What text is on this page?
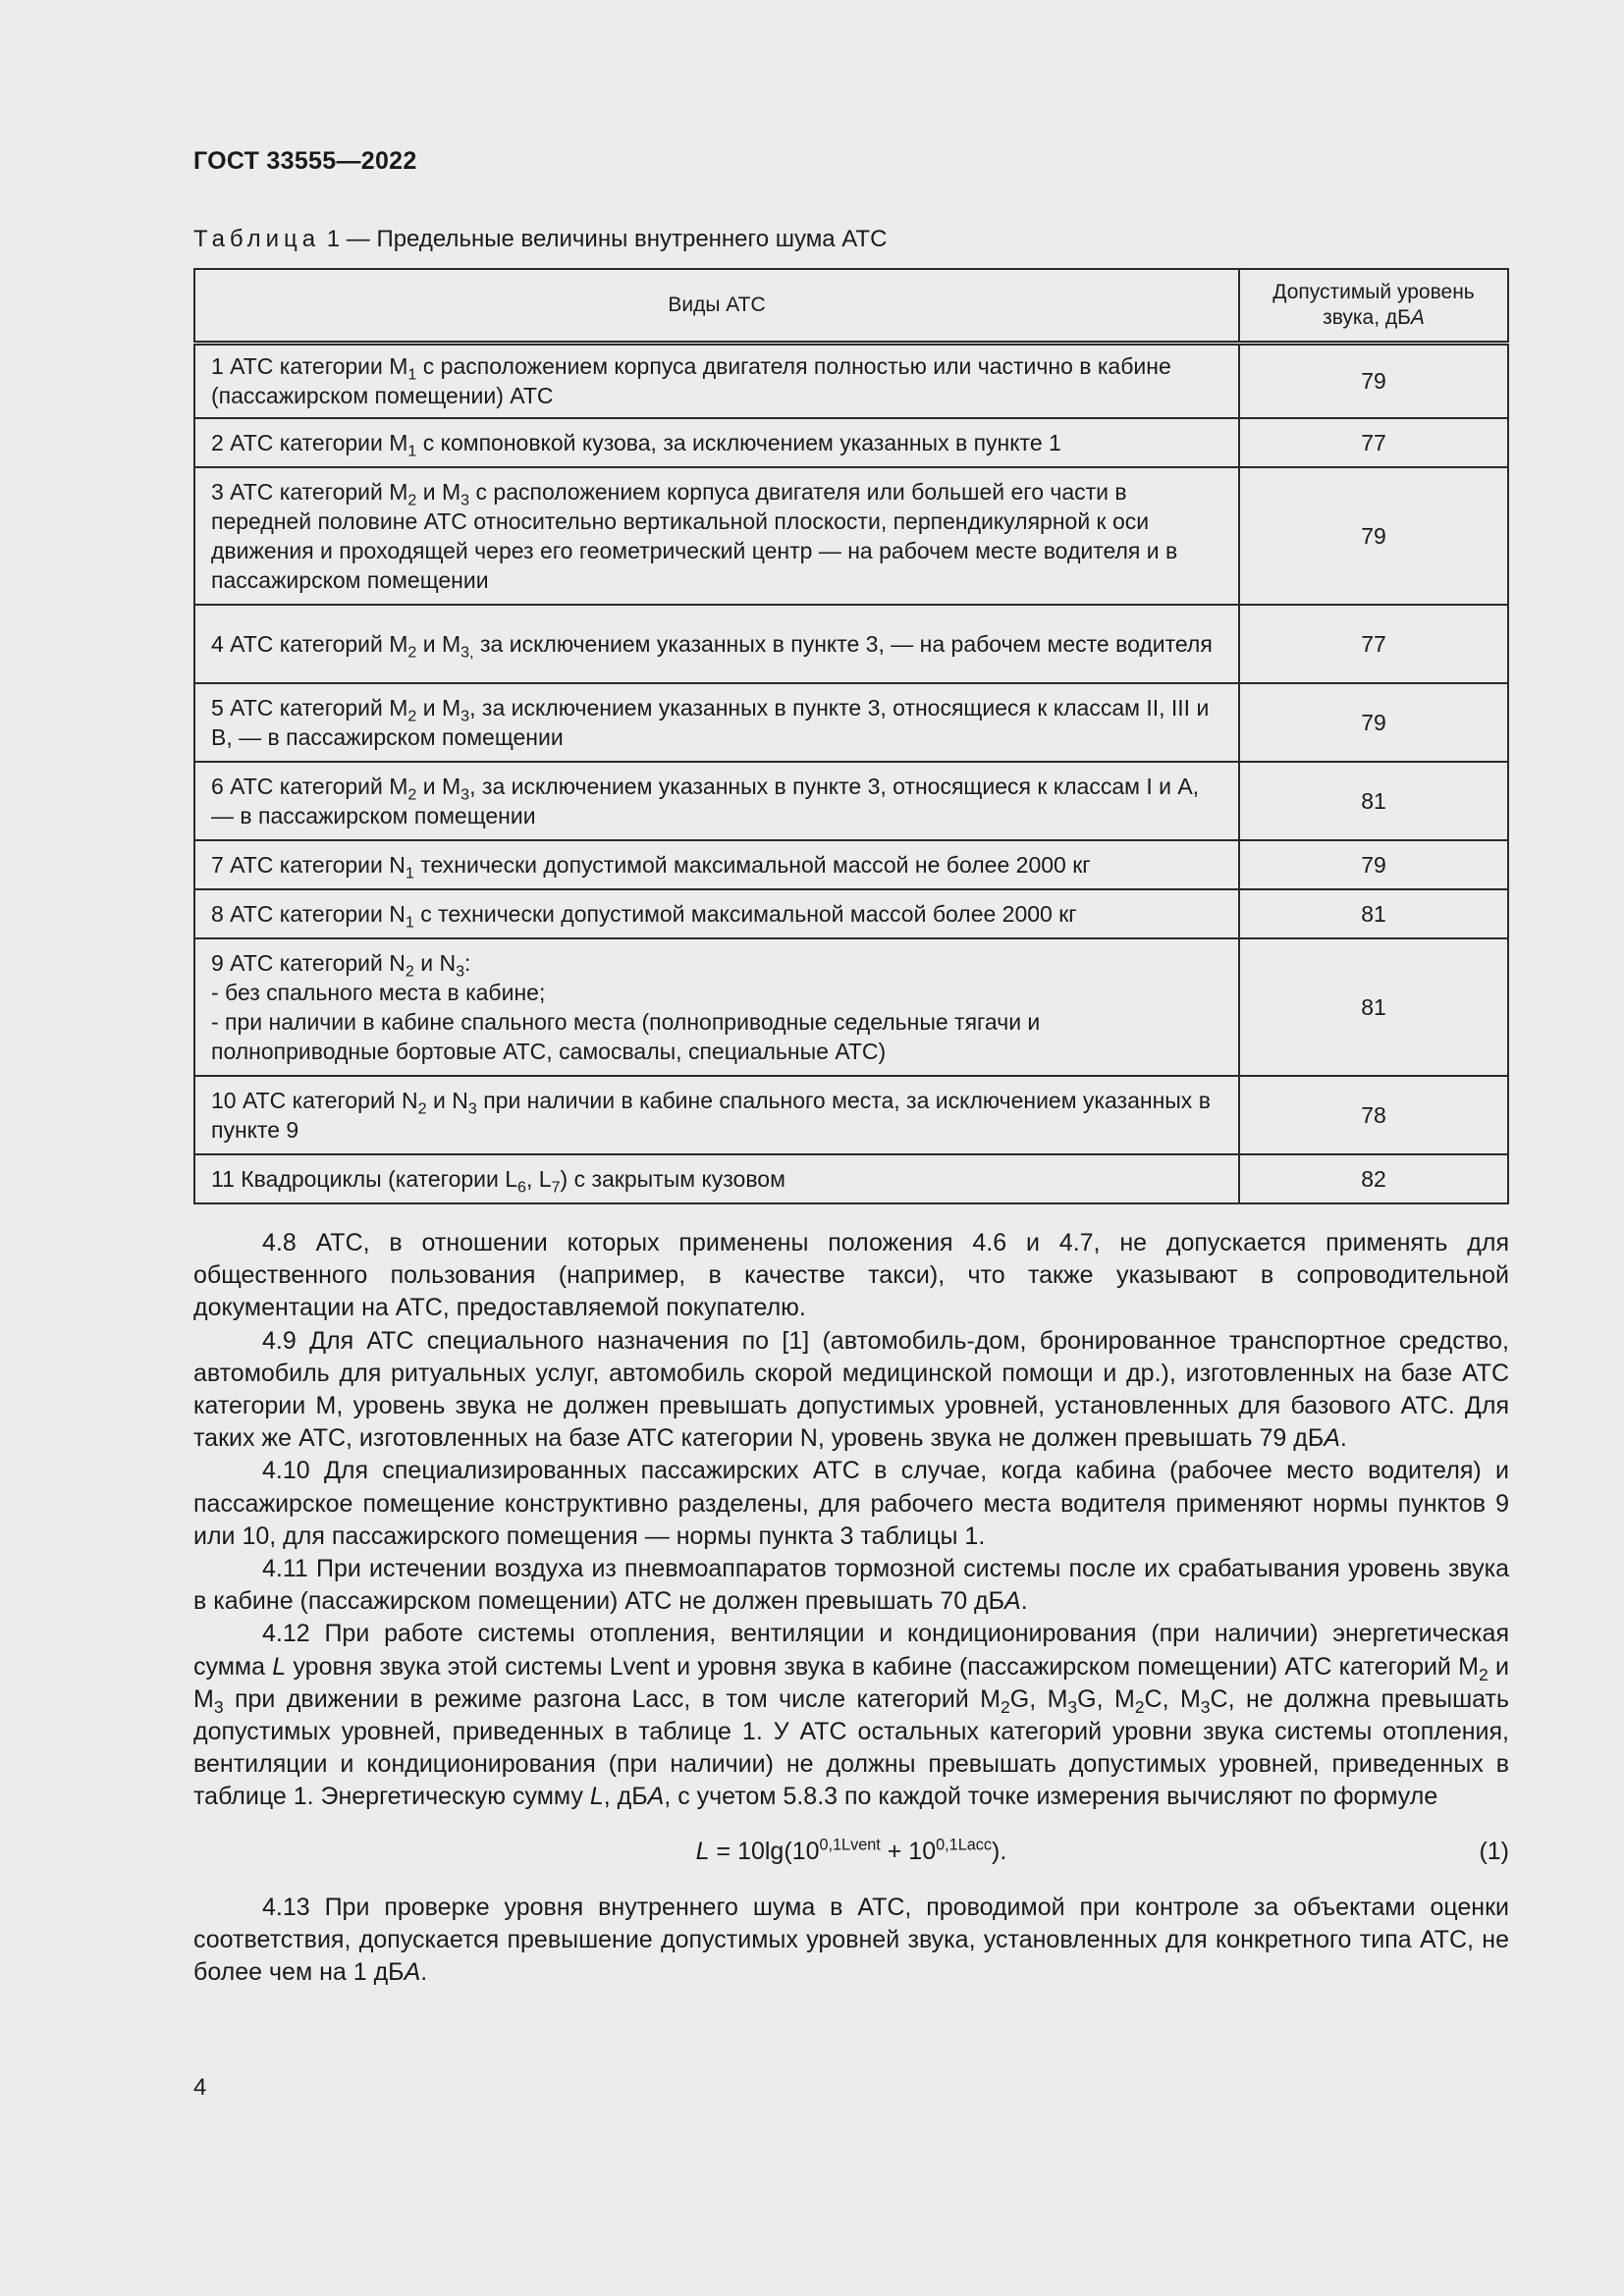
ГОСТ 33555—2022
Таблица 1 — Предельные величины внутреннего шума АТС
Виды АТС	Допустимый уровень
звука, дБА
1 АТС категории $М_1$ с расположением корпуса двигателя полностью или частично в кабине (пассажирском помещении) АТС	79
2 АТС категории $М_1$ с компоновкой кузова, за исключением указанных в пункте 1	77
3 АТС категорий $М_2$ и $М_3$ с расположением корпуса двигателя или большей его части в передней половине АТС относительно вертикальной плоскости, перпендикулярной к оси движения и проходящей через его геометрический центр — на рабочем месте водителя и в пассажирском помещении	79
4 АТС категорий $М_2$ и $М_{3,}$ за исключением указанных в пункте 3, — на рабочем месте водителя	77
5 АТС категорий $М_2$ и $М_3$, за исключением указанных в пункте 3, относящиеся к классам II, III и В, — в пассажирском помещении	79
6 АТС категорий $М_2$ и $М_3$, за исключением указанных в пункте 3, относящиеся к классам I и А, — в пассажирском помещении	81
7 АТС категории $N_1$ технически допустимой максимальной массой не более 2000 кг	79
8 АТС категории $N_1$ с технически допустимой максимальной массой более 2000 кг	81
9 АТС категорий $N_2$ и $N_3$:
- без спального места в кабине;
- при наличии в кабине спального места (полноприводные седельные тягачи и полноприводные бортовые АТС, самосвалы, специальные АТС)	81
10 АТС категорий $N_2$ и $N_3$ при наличии в кабине спального места, за исключением указанных в пункте 9	78
11 Квадроциклы (категории $L_6$, $L_7$) с закрытым кузовом	82

4.8 АТС, в отношении которых применены положения 4.6 и 4.7, не допускается применять для общественного пользования (например, в качестве такси), что также указывают в сопроводительной документации на АТС, предоставляемой покупателю.

4.9 Для АТС специального назначения по [1] (автомобиль-дом, бронированное транспортное средство, автомобиль для ритуальных услуг, автомобиль скорой медицинской помощи и др.), изготовленных на базе АТС категории М, уровень звука не должен превышать допустимых уровней, установленных для базового АТС. Для таких же АТС, изготовленных на базе АТС категории N, уровень звука не должен превышать 79 дБА.

4.10 Для специализированных пассажирских АТС в случае, когда кабина (рабочее место водителя) и пассажирское помещение конструктивно разделены, для рабочего места водителя применяют нормы пунктов 9 или 10, для пассажирского помещения — нормы пункта 3 таблицы 1.

4.11 При истечении воздуха из пневмоаппаратов тормозной системы после их срабатывания уровень звука в кабине (пассажирском помещении) АТС не должен превышать 70 дБА.

4.12 При работе системы отопления, вентиляции и кондиционирования (при наличии) энергетическая сумма L уровня звука этой системы Lvent и уровня звука в кабине (пассажирском помещении) АТС категорий $М_2$ и $М_3$ при движении в режиме разгона Lacc, в том числе категорий $М_2G$, $М_3G$, $М_2С$, $М_3С$, не должна превышать допустимых уровней, приведенных в таблице 1. У АТС остальных категорий уровни звука системы отопления, вентиляции и кондиционирования (при наличии) не должны превышать допустимых уровней, приведенных в таблице 1. Энергетическую сумму L, дБА, с учетом 5.8.3 по каждой точке измерения вычисляют по формуле

$L = 10\lg(10^{0,1Lvent} + 10^{0,1Lacc})$.	(1)

4.13 При проверке уровня внутреннего шума в АТС, проводимой при контроле за объектами оценки соответствия, допускается превышение допустимых уровней звука, установленных для конкретного типа АТС, не более чем на 1 дБА.

4
